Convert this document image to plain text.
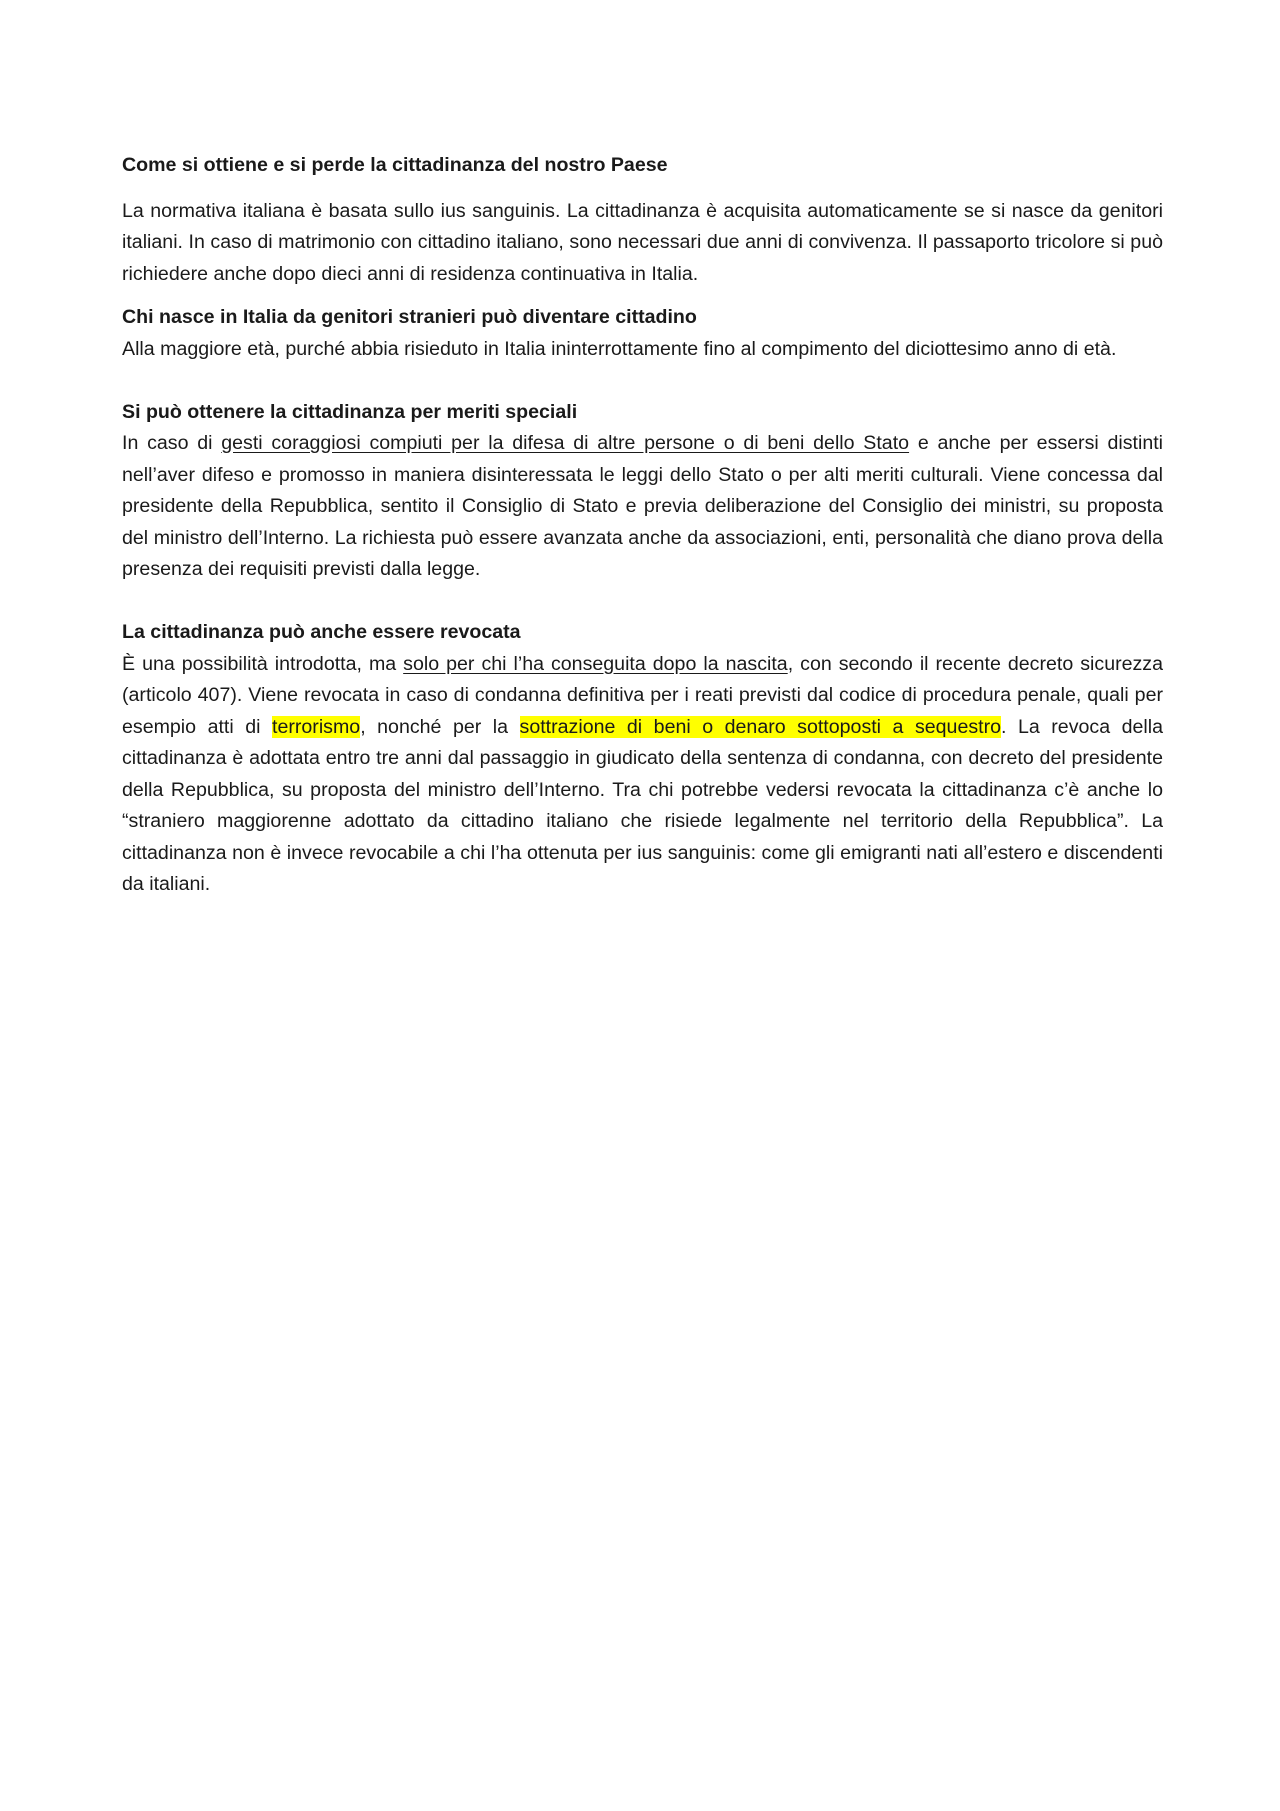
Come si ottiene e si perde la cittadinanza del nostro Paese

La normativa italiana è basata sullo ius sanguinis. La cittadinanza è acquisita automaticamente se si nasce da genitori italiani. In caso di matrimonio con cittadino italiano, sono necessari due anni di convivenza. Il passaporto tricolore si può richiedere anche dopo dieci anni di residenza continuativa in Italia.

Chi nasce in Italia da genitori stranieri può diventare cittadino

Alla maggiore età, purché abbia risieduto in Italia ininterrottamente fino al compimento del diciottesimo anno di età.

Si può ottenere la cittadinanza per meriti speciali

In caso di gesti coraggiosi compiuti per la difesa di altre persone o di beni dello Stato e anche per essersi distinti nell’aver difeso e promosso in maniera disinteressata le leggi dello Stato o per alti meriti culturali. Viene concessa dal presidente della Repubblica, sentito il Consiglio di Stato e previa deliberazione del Consiglio dei ministri, su proposta del ministro dell’Interno. La richiesta può essere avanzata anche da associazioni, enti, personalità che diano prova della presenza dei requisiti previsti dalla legge.

La cittadinanza può anche essere revocata

È una possibilità introdotta, ma solo per chi l’ha conseguita dopo la nascita, con secondo il recente decreto sicurezza (articolo 407). Viene revocata in caso di condanna definitiva per i reati previsti dal codice di procedura penale, quali per esempio atti di terrorismo, nonché per la sottrazione di beni o denaro sottoposti a sequestro. La revoca della cittadinanza è adottata entro tre anni dal passaggio in giudicato della sentenza di condanna, con decreto del presidente della Repubblica, su proposta del ministro dell’Interno. Tra chi potrebbe vedersi revocata la cittadinanza c’è anche lo “straniero maggiorenne adottato da cittadino italiano che risiede legalmente nel territorio della Repubblica”. La cittadinanza non è invece revocabile a chi l’ha ottenuta per ius sanguinis: come gli emigranti nati all’estero e discendenti da italiani.
